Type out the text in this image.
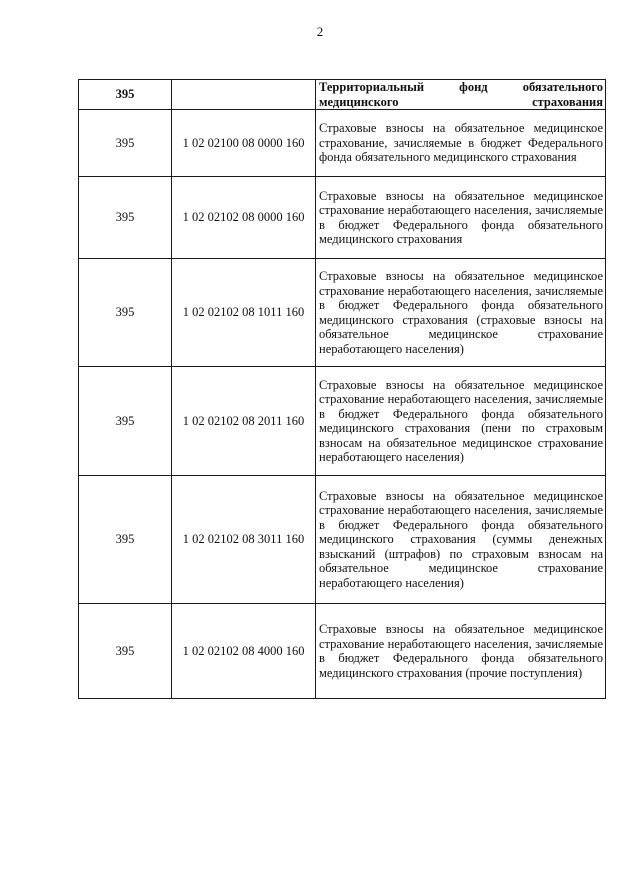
2
395		Территориальный фонд обязательного медицинского страхования
395	1 02 02100 08 0000 160	Страховые взносы на обязательное медицинское страхование, зачисляемые в бюджет Федерального фонда обязательного медицинского страхования
395	1 02 02102 08 0000 160	Страховые взносы на обязательное медицинское страхование неработающего населения, зачисляемые в бюджет Федерального фонда обязательного медицинского страхования
395	1 02 02102 08 1011 160	Страховые взносы на обязательное медицинское страхование неработающего населения, зачисляемые в бюджет Федерального фонда обязательного медицинского страхования (страховые взносы на обязательное медицинское страхование неработающего населения)
395	1 02 02102 08 2011 160	Страховые взносы на обязательное медицинское страхование неработающего населения, зачисляемые в бюджет Федерального фонда обязательного медицинского страхования (пени по страховым взносам на обязательное медицинское страхование неработающего населения)
395	1 02 02102 08 3011 160	Страховые взносы на обязательное медицинское страхование неработающего населения, зачисляемые в бюджет Федерального фонда обязательного медицинского страхования (суммы денежных взысканий (штрафов) по страховым взносам на обязательное медицинское страхование неработающего населения)
395	1 02 02102 08 4000 160	Страховые взносы на обязательное медицинское страхование неработающего населения, зачисляемые в бюджет Федерального фонда обязательного медицинского страхования (прочие поступления)
